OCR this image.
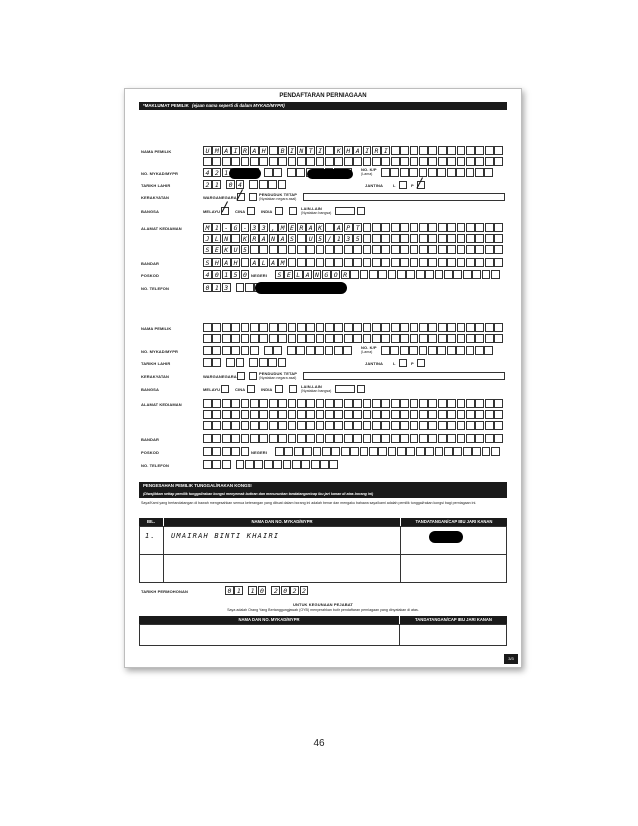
PENDAFTARAN PERNIAGAAN
*MAKLUMAT PEMILIK (ejaan nama seperti di dalam MYKAD/MYPR)
NAMA PEMILIK	U M A I R A H	B I N T I	K H A I R I
NO. MYKAD/MYPR	4 2 1	NO. K/P
(Lama)
TARIKH LAHIR	2 1	0 4	JANTINA L	P ╱
KERAKYATAN	WARGANEGARA ╱	PENDUDUK TETAP
(Nyatakan negara asal)
BANGSA	MELAYU ╱ CINA	INDIA
LAIN-LAIN
(Nyatakan bangsa)
ALAMAT KEDIAMAN	M 1 - G - 3 3 , M E R A K	A P T
J L N	K R A N A S	U 5 / 1 3 5
S E K U 5
BANDAR	S H A H	A L A M
POSKOD	4 0 1 5 0	NEGERI	S E L A N G O R
NO. TELEFON	0 1 3
NAMA PEMILIK
NO. MYKAD/MYPR
NO. K/P
(Lama)
TARIKH LAHIR	JANTINA L	P
KERAKYATAN	WARGANEGARA
PENDUDUK TETAP
(Nyatakan negara asal)
BANGSA	MELAYU	CINA	INDIA
LAIN-LAIN
(Nyatakan bangsa)
ALAMAT KEDIAMAN
BANDAR
POSKOD	NEGERI
NO. TELEFON
PENGESAHAN PEMILIK TUNGGAL/RAKAN KONGSI
(Diwajibkan setiap pemilik tunggal/rakan kongsi menyemak butiran dan menurunkan tandatangan/cap ibu jari kanan di atas borang ini)
Saya/Kami yang bertandatangan di bawah mengesahkan semua keterangan yang dibuat dalam borang ini adalah benar dan mengaku bahawa saya/kami adalah pemilik tunggal/rakan kongsi bagi perniagaan ini.
BIL.	NAMA DAN NO. MYKAD/MYPR	TANDATANGAN/CAP IBU JARI KANAN
1. UMAIRAH BINTI KHAIRI
TARIKH PERMOHONAN	0 1	1 0	2 0 2 2
UNTUK KEGUNAAN PEJABAT
Saya adalah Orang Yang Bertanggungjawab (OYB) menyerahkan butir pendaftaran perniagaan yang dinyatakan di atas.
NAMA DAN NO. MYKAD/MYPR	TANDATANGAN/CAP IBU JARI KANAN
3/3
46
